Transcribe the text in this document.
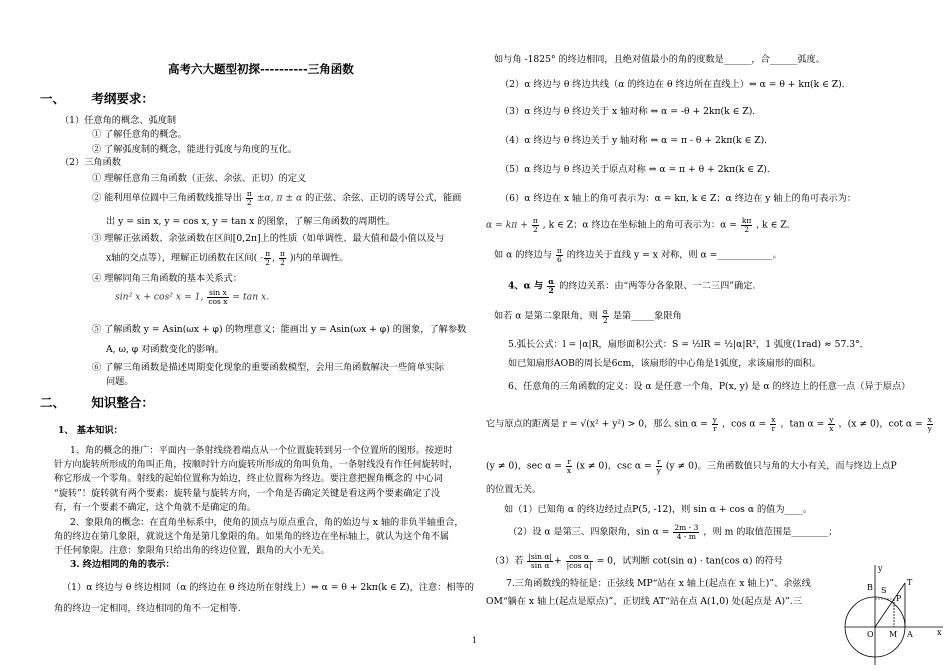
高考六大题型初探----------三角函数
一、 考纲要求：
（1）任意角的概念、弧度制
① 了解任意角的概念。
② 了解弧度制的概念，能进行弧度与角度的互化。
（2）三角函数
① 理解任意角三角函数（正弦、余弦、正切）的定义
② 能利用单位圆中三角函数线推导出 $\frac{\pi}{2} \pm\alpha$, π ± α 的正弦、余弦、正切的诱导公式，能画
出 y = sin x, y = cos x, y = tan x 的图象，了解三角函数的周期性。
③ 理解正弦函数、余弦函数在区间[0,2π]上的性质（如单调性、最大值和最小值以及与
x轴的交点等），理解正切函数在区间( - $\frac{\pi}{2}$ , $\frac{\pi}{2}$ )内的单调性。
④ 理解同角三角函数的基本关系式：
sin² x + cos² x = 1, $\frac{\text{sin x}}{\text{cos x}} = \tan x$.
⑤ 了解函数 y = Asin(ωx + φ) 的物理意义；能画出 y = Asin(ωx + φ) 的图象，了解参数
A, ω, φ 对函数变化的影响。
⑥ 了解三角函数是描述周期变化现象的重要函数模型，会用三角函数解决一些简单实际
问题。
二、 知识整合：
1、 基本知识：
1、角的概念的推广：平面内一条射线绕着端点从一个位置旋转到另一个位置所的图形。按逆时
针方向旋转所形成的角叫正角，按顺时针方向旋转所形成的角叫负角，一条射线没有作任何旋转时，
称它形成一个零角。射线的起始位置称为始边，终止位置称为终边。要注意把握角概念的 中心词
“旋转”！旋转就有两个要素：旋转量与旋转方向，一个角是否确定关键是看这两个要素确定了没
有，有一个要素不确定，这个角就不是确定的角。
2、象限角的概念：在直角坐标系中，使角的顶点与原点重合，角的始边与 x 轴的非负半轴重合，
角的终边在第几象限，就说这个角是第几象限的角。如果角的终边在坐标轴上，就认为这个角不属
于任何象限。注意：象限角只给出角的终边位置，跟角的大小无关。
3. 终边相同的角的表示：
（1）α 终边与 θ 终边相同（α 的终边在 θ 终边所在射线上）⇔ α = θ + 2kπ(k ∈ Z)，注意：相等的
角的终边一定相同，终边相同的角不一定相等.
如与角 -1825° 的终边相同，且绝对值最小的角的度数是______，合______弧度。
（2）α 终边与 θ 终边共线（α 的终边在 θ 终边所在直线上）⇔ α = θ + kπ(k ∈ Z)．
（3）α 终边与 θ 终边关于 x 轴对称 ⇔ α = -θ + 2kπ(k ∈ Z)．
（4）α 终边与 θ 终边关于 y 轴对称 ⇔ α = π - θ + 2kπ(k ∈ Z)．
（5）α 终边与 θ 终边关于原点对称 ⇔ α = π + θ + 2kπ(k ∈ Z)．
（6）α 终边在 x 轴上的角可表示为：α = kπ, k ∈ Z；α 终边在 y 轴上的角可表示为：
$\alpha = k\pi + \frac{\pi}{2}$ , k ∈ Z；α 终边在坐标轴上的角可表示为：$\alpha = \frac{k\pi}{2}$ , k ∈ Z．
如 α 的终边与 $\frac{\pi}{6}$ 的终边关于直线 y = x 对称，则 α =____________。
4、α 与 $\frac{\alpha}{2}$ 的终边关系：由“两等分各象限、一二三四”确定.
如若 α 是第二象限角，则 $\frac{\alpha}{2}$ 是第_____象限角
5.弧长公式：l = |α|R，扇形面积公式：S = ½lR = ½|α|R²，1 弧度(1rad) ≈ 57.3°．
如已知扇形AOB的周长是6cm，该扇形的中心角是1弧度，求该扇形的面积。
6、任意角的三角函数的定义：设 α 是任意一个角，P(x, y) 是 α 的终边上的任意一点（异于原点）
它与原点的距离是 r = √(x² + y²) > 0，那么 $\sin \alpha = \frac{y}{r}$ ，$\cos \alpha = \frac{x}{r}$ ，$\tan \alpha = \frac{y}{x}$ ，(x ≠ 0)，$\cot \alpha = \frac{x}{y}$
(y ≠ 0)，$\sec \alpha = \frac{r}{x} (x \ne 0)$，$\csc \alpha = \frac{r}{y} (y \ne 0)$。三角函数值只与角的大小有关，而与终边上点P
的位置无关。
如（1）已知角 α 的终边经过点P(5, -12)，则 sin α + cos α 的值为____。
（2）设 α 是第三、四象限角，$\sin \alpha = \frac{2m - 3}{4 - m}$ ，则 m 的取值范围是________；
（3）若 $\frac{\text{|sin α|}}{\text{sin α}} + \frac{\text{cos α}}{\text{|cos α|}} = 0$，试判断 cot(sin α) · tan(cos α) 的符号
7.三角函数线的特征是：正弦线 MP“站在 x 轴上(起点在 x 轴上)”、余弦线
OM“躺在 x 轴上(起点是原点)”、正切线 AT“站在点 A(1,0) 处(起点是 A)”.三
y
T
B S
P
O M A	x
1
